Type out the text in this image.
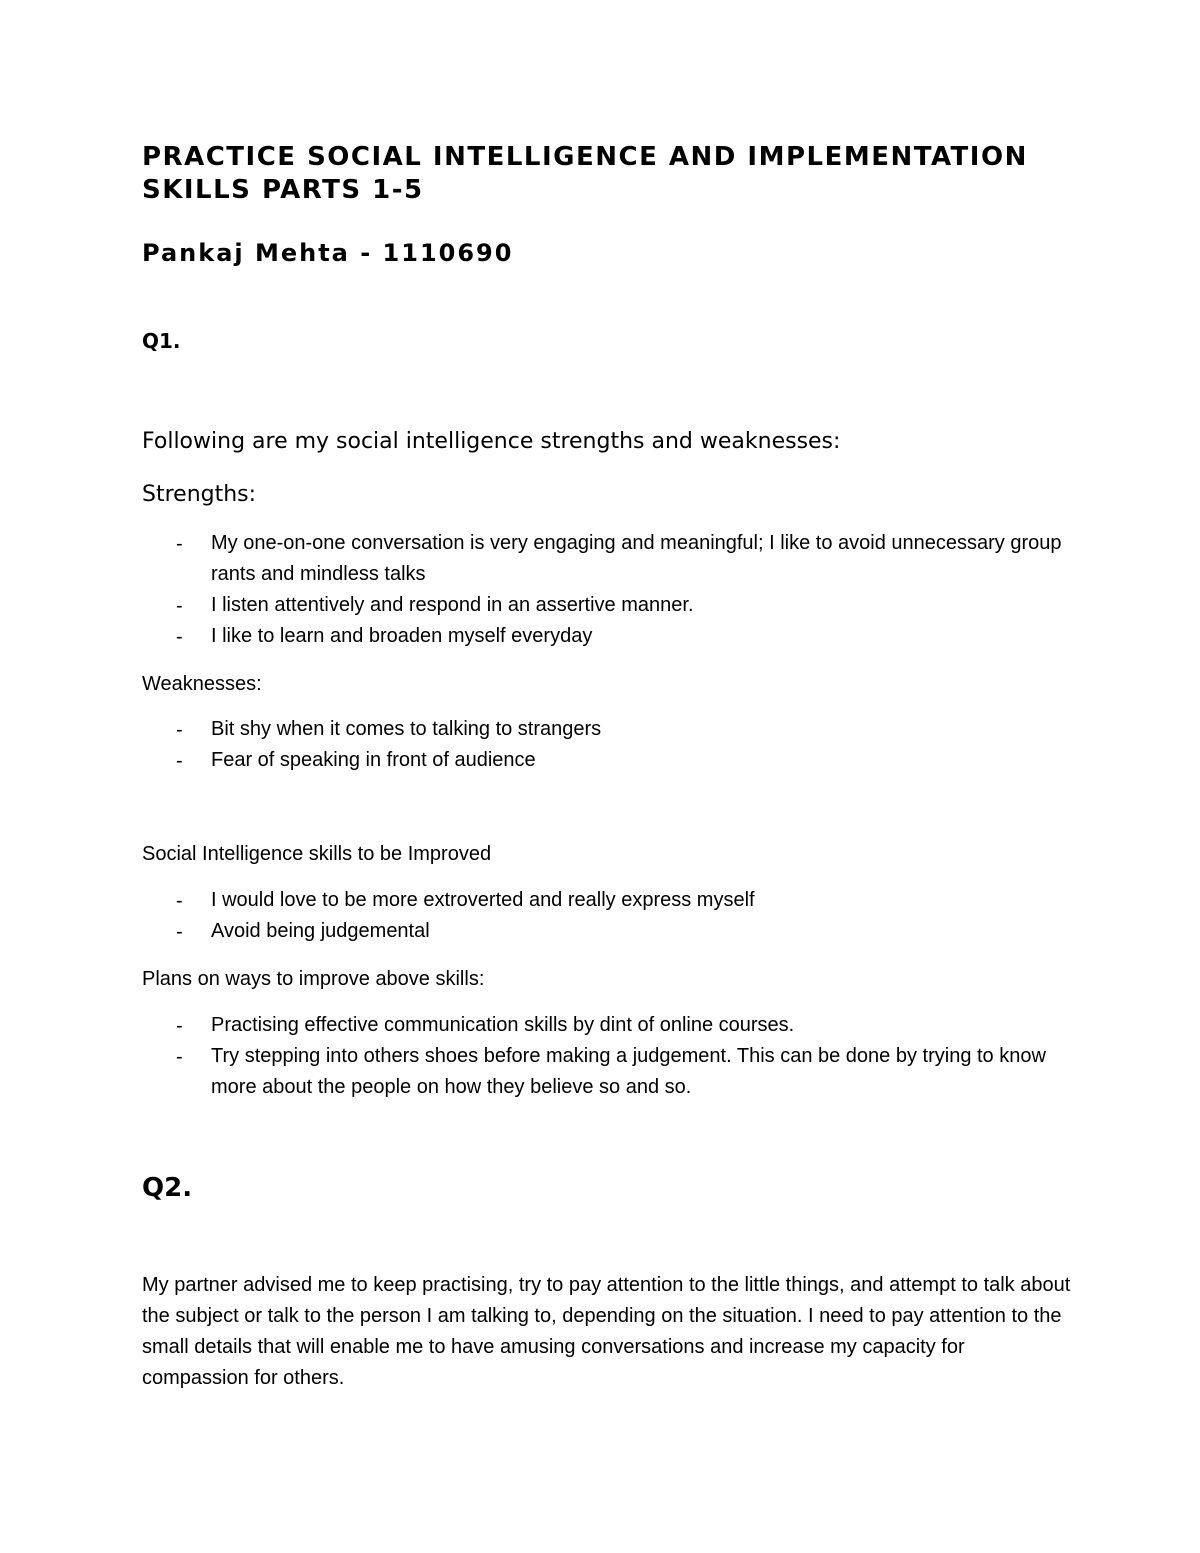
PRACTICE SOCIAL INTELLIGENCE AND IMPLEMENTATION SKILLS PARTS 1-5
Pankaj Mehta - 1110690
Q1.

Following are my social intelligence strengths and weaknesses:

Strengths:

- My one-on-one conversation is very engaging and meaningful; I like to avoid unnecessary group rants and mindless talks

- I listen attentively and respond in an assertive manner.

- I like to learn and broaden myself everyday

Weaknesses:

- Bit shy when it comes to talking to strangers

- Fear of speaking in front of audience

Social Intelligence skills to be Improved

- I would love to be more extroverted and really express myself

- Avoid being judgemental

Plans on ways to improve above skills:

- Practising effective communication skills by dint of online courses.

- Try stepping into others shoes before making a judgement. This can be done by trying to know more about the people on how they believe so and so.

Q2.

My partner advised me to keep practising, try to pay attention to the little things, and attempt to talk about the subject or talk to the person I am talking to, depending on the situation. I need to pay attention to the small details that will enable me to have amusing conversations and increase my capacity for compassion for others.
